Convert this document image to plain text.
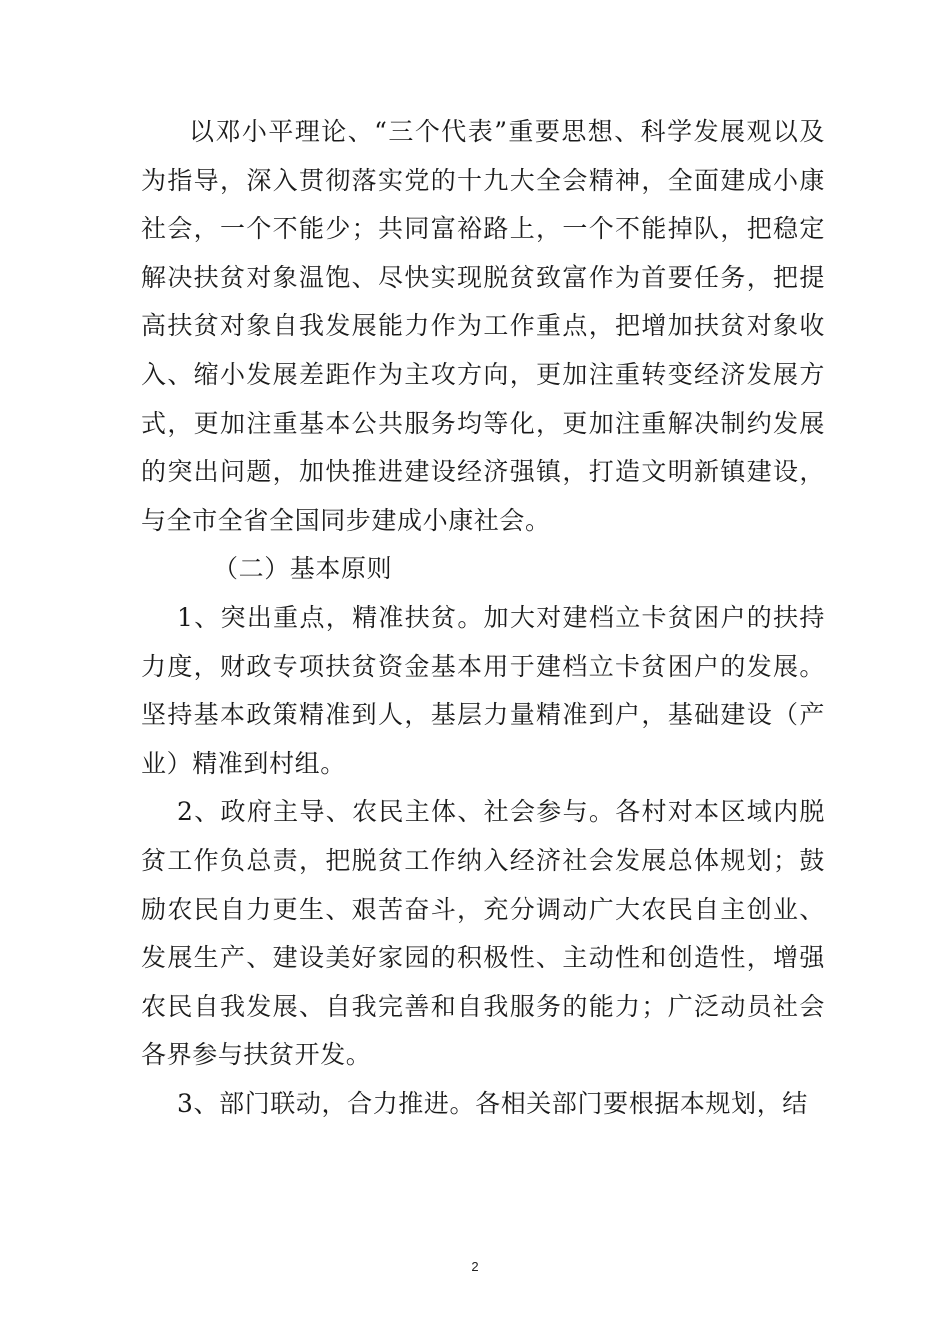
以邓小平理论、“三个代表”重要思想、科学发展观以及为指导，深入贯彻落实党的十九大全会精神，全面建成小康社会，一个不能少；共同富裕路上，一个不能掉队，把稳定解决扶贫对象温饱、尽快实现脱贫致富作为首要任务，把提高扶贫对象自我发展能力作为工作重点，把增加扶贫对象收入、缩小发展差距作为主攻方向，更加注重转变经济发展方式，更加注重基本公共服务均等化，更加注重解决制约发展的突出问题，加快推进建设经济强镇，打造文明新镇建设，与全市全省全国同步建成小康社会。

（二）基本原则

1、突出重点，精准扶贫。加大对建档立卡贫困户的扶持力度，财政专项扶贫资金基本用于建档立卡贫困户的发展。坚持基本政策精准到人，基层力量精准到户，基础建设（产业）精准到村组。

2、政府主导、农民主体、社会参与。各村对本区域内脱贫工作负总责，把脱贫工作纳入经济社会发展总体规划；鼓励农民自力更生、艰苦奋斗，充分调动广大农民自主创业、发展生产、建设美好家园的积极性、主动性和创造性，增强农民自我发展、自我完善和自我服务的能力；广泛动员社会各界参与扶贫开发。

3、部门联动，合力推进。各相关部门要根据本规划，结

2
